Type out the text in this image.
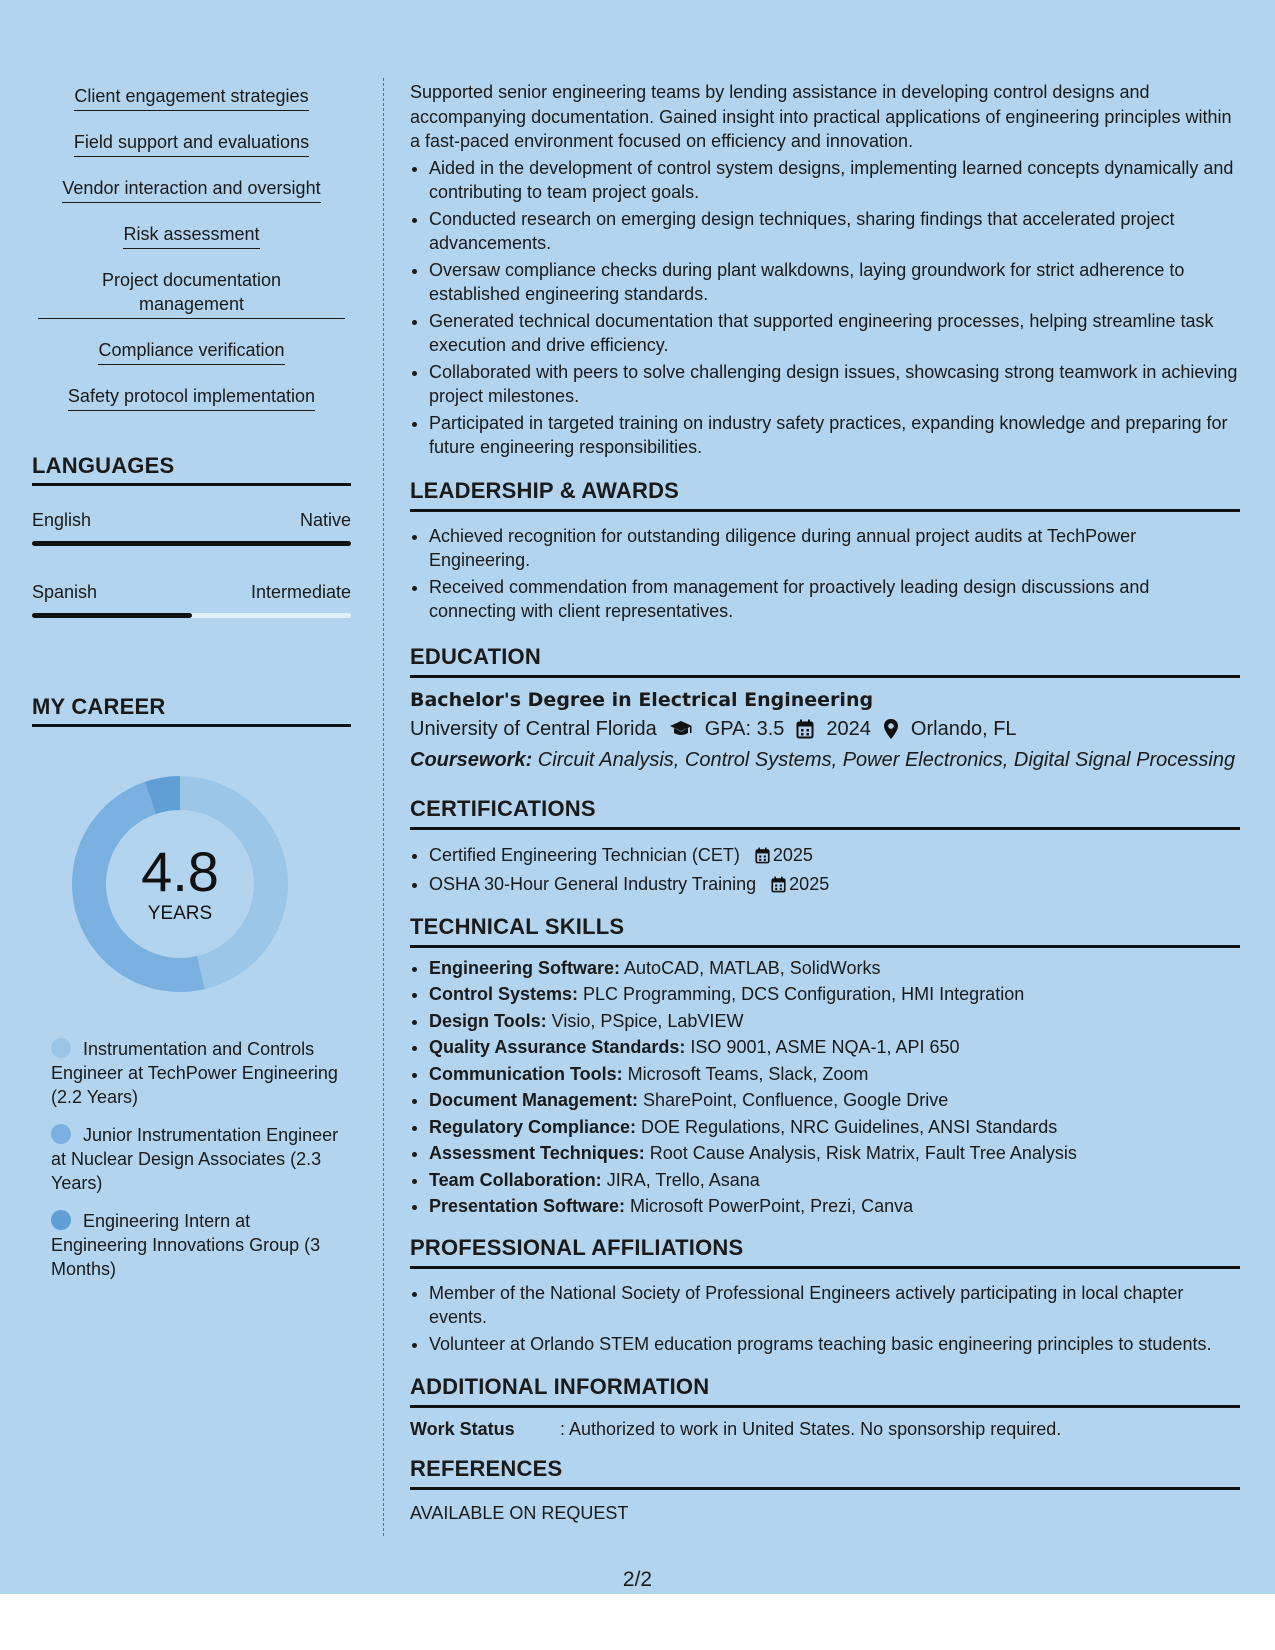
Client engagement strategies
Field support and evaluations
Vendor interaction and oversight
Risk assessment
Project documentation management
Compliance verification
Safety protocol implementation
LANGUAGES
English	Native
Spanish	Intermediate
MY CAREER
4.8
YEARS
Instrumentation and Controls Engineer at TechPower Engineering (2.2 Years)
Junior Instrumentation Engineer at Nuclear Design Associates (2.3 Years)
Engineering Intern at Engineering Innovations Group (3 Months)
Supported senior engineering teams by lending assistance in developing control designs and accompanying documentation. Gained insight into practical applications of engineering principles within a fast-paced environment focused on efficiency and innovation.
• Aided in the development of control system designs, implementing learned concepts dynamically and contributing to team project goals.
• Conducted research on emerging design techniques, sharing findings that accelerated project advancements.
• Oversaw compliance checks during plant walkdowns, laying groundwork for strict adherence to established engineering standards.
• Generated technical documentation that supported engineering processes, helping streamline task execution and drive efficiency.
• Collaborated with peers to solve challenging design issues, showcasing strong teamwork in achieving project milestones.
• Participated in targeted training on industry safety practices, expanding knowledge and preparing for future engineering responsibilities.
LEADERSHIP & AWARDS
• Achieved recognition for outstanding diligence during annual project audits at TechPower Engineering.
• Received commendation from management for proactively leading design discussions and connecting with client representatives.
EDUCATION
Bachelor's Degree in Electrical Engineering
University of Central Florida GPA: 3.5 2024 Orlando, FL
Coursework: Circuit Analysis, Control Systems, Power Electronics, Digital Signal Processing
CERTIFICATIONS
• Certified Engineering Technician (CET) 2025
• OSHA 30-Hour General Industry Training 2025
TECHNICAL SKILLS
• Engineering Software: AutoCAD, MATLAB, SolidWorks
• Control Systems: PLC Programming, DCS Configuration, HMI Integration
• Design Tools: Visio, PSpice, LabVIEW
• Quality Assurance Standards: ISO 9001, ASME NQA-1, API 650
• Communication Tools: Microsoft Teams, Slack, Zoom
• Document Management: SharePoint, Confluence, Google Drive
• Regulatory Compliance: DOE Regulations, NRC Guidelines, ANSI Standards
• Assessment Techniques: Root Cause Analysis, Risk Matrix, Fault Tree Analysis
• Team Collaboration: JIRA, Trello, Asana
• Presentation Software: Microsoft PowerPoint, Prezi, Canva
PROFESSIONAL AFFILIATIONS
• Member of the National Society of Professional Engineers actively participating in local chapter events.
• Volunteer at Orlando STEM education programs teaching basic engineering principles to students.
ADDITIONAL INFORMATION
Work Status	: Authorized to work in United States. No sponsorship required.
REFERENCES
AVAILABLE ON REQUEST
2/2
